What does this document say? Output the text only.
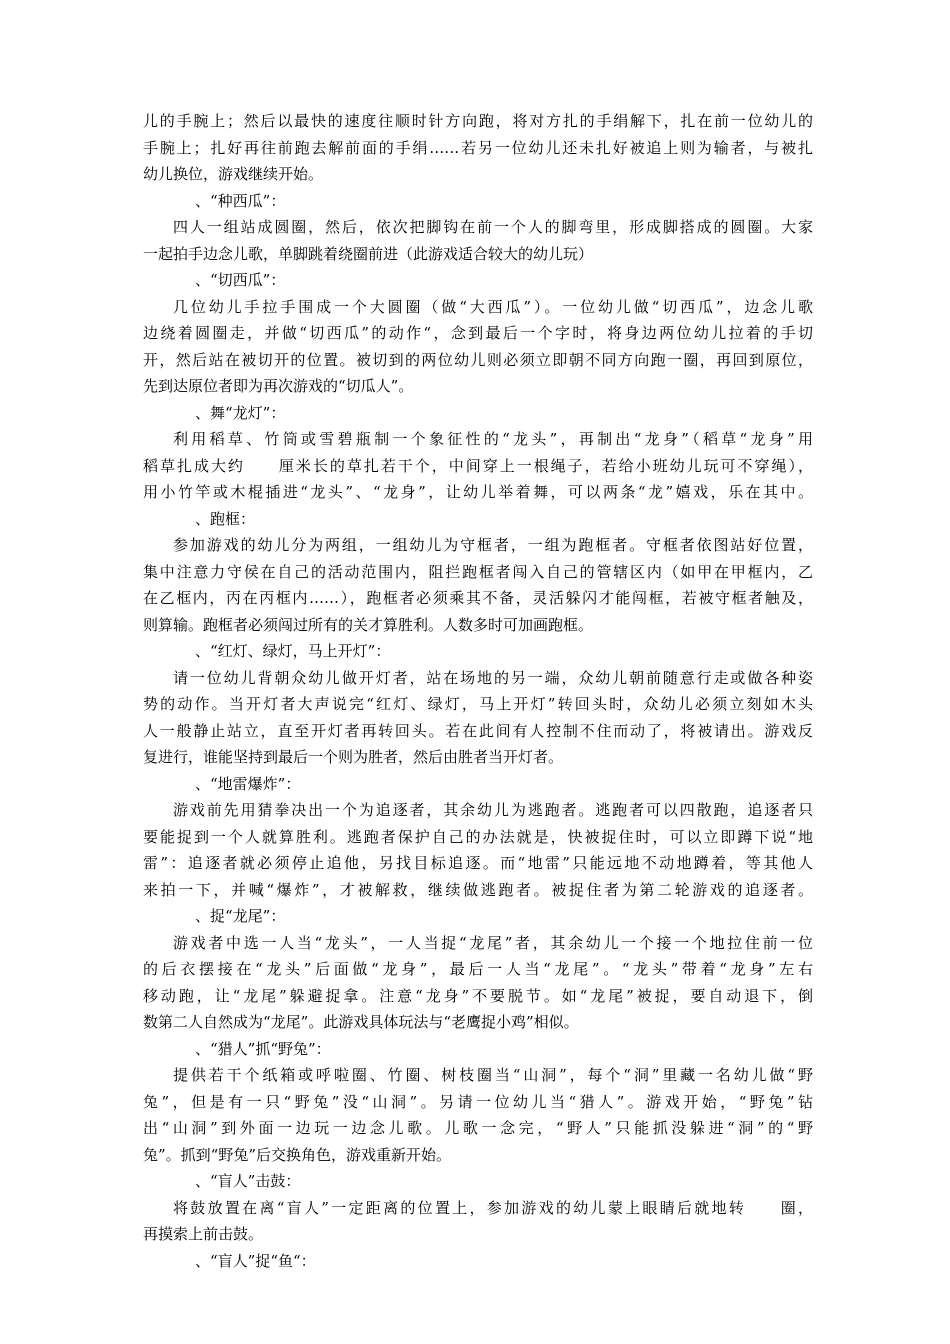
儿的手腕上；然后以最快的速度往顺时针方向跑，将对方扎的手绢解下，扎在前一位幼儿的
手腕上；扎好再往前跑去解前面的手绢……若另一位幼儿还未扎好被追上则为输者，与被扎
幼儿换位，游戏继续开始。
、“种西瓜”：
四人一组站成圆圈，然后，依次把脚钩在前一个人的脚弯里，形成脚搭成的圆圈。大家
一起拍手边念儿歌，单脚跳着绕圈前进（此游戏适合较大的幼儿玩）
、“切西瓜”：
几位幼儿手拉手围成一个大圆圈（做“大西瓜”）。一位幼儿做“切西瓜”，边念儿歌
边绕着圆圈走，并做“切西瓜”的动作“，念到最后一个字时，将身边两位幼儿拉着的手切
开，然后站在被切开的位置。被切到的两位幼儿则必须立即朝不同方向跑一圈，再回到原位，
先到达原位者即为再次游戏的“切瓜人”。
、舞“龙灯”：
利用稻草、竹筒或雪碧瓶制一个象征性的“龙头”，再制出“龙身”（稻草“龙身”用
稻草扎成大约　　厘米长的草扎若干个，中间穿上一根绳子，若给小班幼儿玩可不穿绳），
用小竹竿或木棍插进“龙头”、“龙身”，让幼儿举着舞，可以两条“龙”嬉戏，乐在其中。
、跑框：
参加游戏的幼儿分为两组，一组幼儿为守框者，一组为跑框者。守框者依图站好位置，
集中注意力守侯在自己的活动范围内，阻拦跑框者闯入自己的管辖区内（如甲在甲框内，乙
在乙框内，丙在丙框内……），跑框者必须乘其不备，灵活躲闪才能闯框，若被守框者触及，
则算输。跑框者必须闯过所有的关才算胜利。人数多时可加画跑框。
、“红灯、绿灯，马上开灯”：
请一位幼儿背朝众幼儿做开灯者，站在场地的另一端，众幼儿朝前随意行走或做各种姿
势的动作。当开灯者大声说完“红灯、绿灯，马上开灯”转回头时，众幼儿必须立刻如木头
人一般静止站立，直至开灯者再转回头。若在此间有人控制不住而动了，将被请出。游戏反
复进行，谁能坚持到最后一个则为胜者，然后由胜者当开灯者。
、“地雷爆炸”：
游戏前先用猜拳决出一个为追逐者，其余幼儿为逃跑者。逃跑者可以四散跑，追逐者只
要能捉到一个人就算胜利。逃跑者保护自己的办法就是，快被捉住时，可以立即蹲下说“地
雷”：追逐者就必须停止追他，另找目标追逐。而“地雷”只能远地不动地蹲着，等其他人
来拍一下，并喊“爆炸”，才被解救，继续做逃跑者。被捉住者为第二轮游戏的追逐者。
、捉“龙尾”：
游戏者中选一人当“龙头”，一人当捉“龙尾”者，其余幼儿一个接一个地拉住前一位
的后衣摆接在“龙头”后面做“龙身”，最后一人当“龙尾”。“龙头”带着“龙身”左右
移动跑，让“龙尾”躲避捉拿。注意“龙身”不要脱节。如“龙尾”被捉，要自动退下，倒
数第二人自然成为“龙尾”。此游戏具体玩法与“老鹰捉小鸡”相似。
、“猎人”抓“野兔”：
提供若干个纸箱或呼啦圈、竹圈、树枝圈当“山洞”，每个“洞”里藏一名幼儿做“野
兔”，但是有一只“野兔”没“山洞”。另请一位幼儿当“猎人”。游戏开始，“野兔”钻
出“山洞”到外面一边玩一边念儿歌。儿歌一念完，“野人”只能抓没躲进“洞”的“野
兔”。抓到“野兔”后交换角色，游戏重新开始。
、“盲人”击鼓：
将鼓放置在离“盲人”一定距离的位置上，参加游戏的幼儿蒙上眼睛后就地转　　圈，
再摸索上前击鼓。
、“盲人”捉“鱼“：
